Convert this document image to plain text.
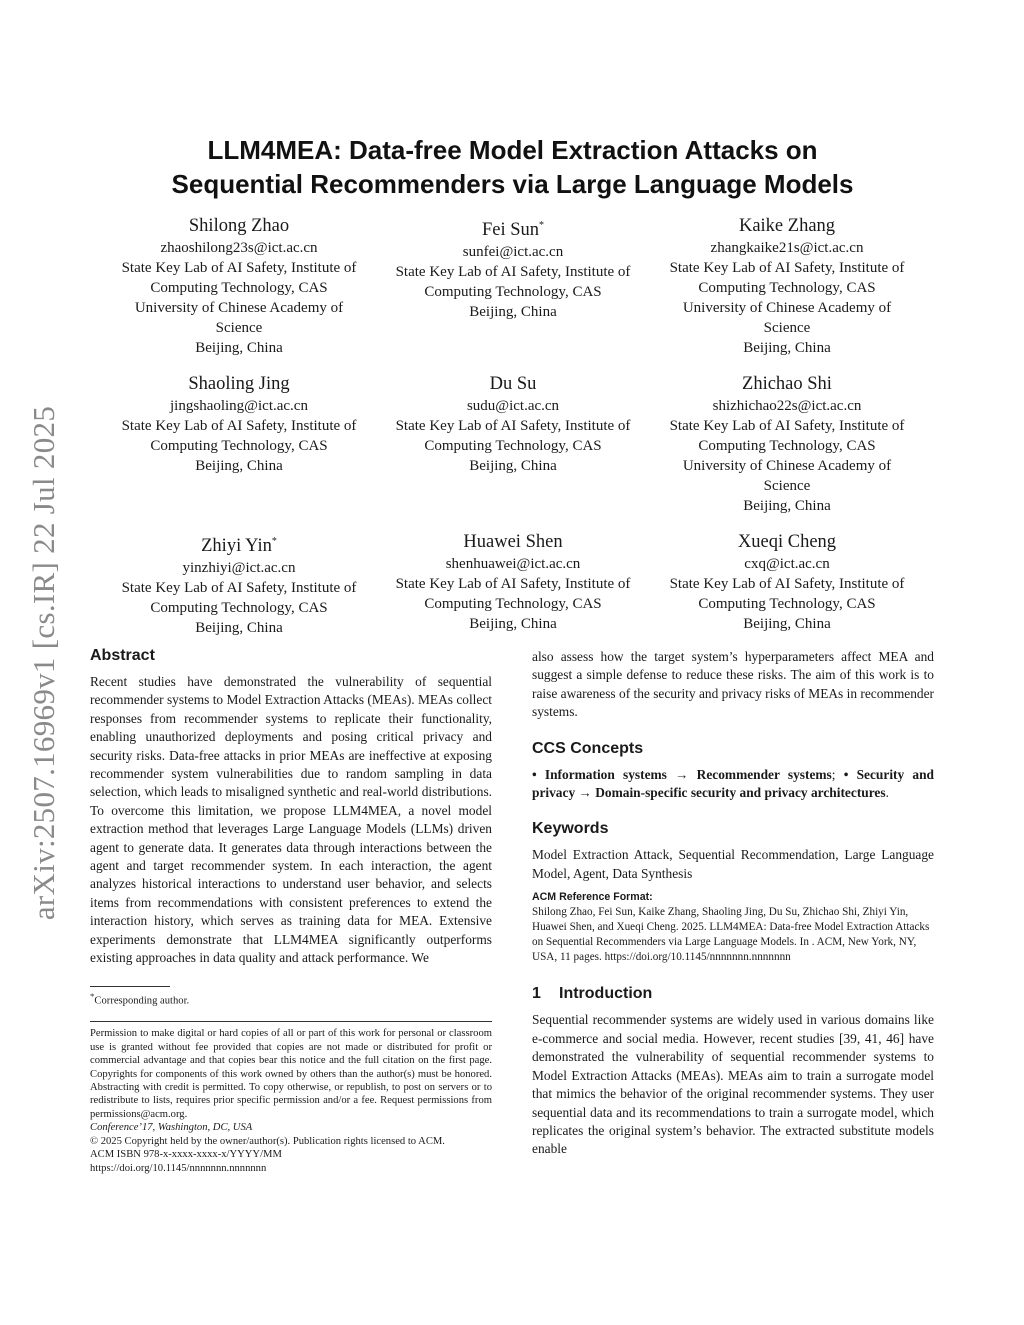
arXiv:2507.16969v1 [cs.IR] 22 Jul 2025
LLM4MEA: Data-free Model Extraction Attacks on
Sequential Recommenders via Large Language Models
Shilong Zhao
zhaoshilong23s@ict.ac.cn
State Key Lab of AI Safety, Institute of
Computing Technology, CAS
University of Chinese Academy of
Science
Beijing, China
Fei Sun*
sunfei@ict.ac.cn
State Key Lab of AI Safety, Institute of
Computing Technology, CAS
Beijing, China
Kaike Zhang
zhangkaike21s@ict.ac.cn
State Key Lab of AI Safety, Institute of
Computing Technology, CAS
University of Chinese Academy of
Science
Beijing, China
Shaoling Jing
jingshaoling@ict.ac.cn
State Key Lab of AI Safety, Institute of
Computing Technology, CAS
Beijing, China
Du Su
sudu@ict.ac.cn
State Key Lab of AI Safety, Institute of
Computing Technology, CAS
Beijing, China
Zhichao Shi
shizhichao22s@ict.ac.cn
State Key Lab of AI Safety, Institute of
Computing Technology, CAS
University of Chinese Academy of
Science
Beijing, China
Zhiyi Yin*
yinzhiyi@ict.ac.cn
State Key Lab of AI Safety, Institute of
Computing Technology, CAS
Beijing, China
Huawei Shen
shenhuawei@ict.ac.cn
State Key Lab of AI Safety, Institute of
Computing Technology, CAS
Beijing, China
Xueqi Cheng
cxq@ict.ac.cn
State Key Lab of AI Safety, Institute of
Computing Technology, CAS
Beijing, China
Abstract

Recent studies have demonstrated the vulnerability of sequential recommender systems to Model Extraction Attacks (MEAs). MEAs collect responses from recommender systems to replicate their functionality, enabling unauthorized deployments and posing critical privacy and security risks. Data-free attacks in prior MEAs are ineffective at exposing recommender system vulnerabilities due to random sampling in data selection, which leads to misaligned synthetic and real-world distributions. To overcome this limitation, we propose LLM4MEA, a novel model extraction method that leverages Large Language Models (LLMs) driven agent to generate data. It generates data through interactions between the agent and target recommender system. In each interaction, the agent analyzes historical interactions to understand user behavior, and selects items from recommendations with consistent preferences to extend the interaction history, which serves as training data for MEA. Extensive experiments demonstrate that LLM4MEA significantly outperforms existing approaches in data quality and attack performance. We

*Corresponding author.

Permission to make digital or hard copies of all or part of this work for personal or classroom use is granted without fee provided that copies are not made or distributed for profit or commercial advantage and that copies bear this notice and the full citation on the first page. Copyrights for components of this work owned by others than the author(s) must be honored. Abstracting with credit is permitted. To copy otherwise, or republish, to post on servers or to redistribute to lists, requires prior specific permission and/or a fee. Request permissions from permissions@acm.org.

Conference’17, Washington, DC, USA

© 2025 Copyright held by the owner/author(s). Publication rights licensed to ACM.

ACM ISBN 978-x-xxxx-xxxx-x/YYYY/MM

https://doi.org/10.1145/nnnnnnn.nnnnnnn

also assess how the target system’s hyperparameters affect MEA and suggest a simple defense to reduce these risks. The aim of this work is to raise awareness of the security and privacy risks of MEAs in recommender systems.

CCS Concepts

• Information systems → Recommender systems; • Security and privacy → Domain-specific security and privacy architectures.

Keywords

Model Extraction Attack, Sequential Recommendation, Large Language Model, Agent, Data Synthesis

ACM Reference Format:

Shilong Zhao, Fei Sun, Kaike Zhang, Shaoling Jing, Du Su, Zhichao Shi, Zhiyi Yin, Huawei Shen, and Xueqi Cheng. 2025. LLM4MEA: Data-free Model Extraction Attacks on Sequential Recommenders via Large Language Models. In . ACM, New York, NY, USA, 11 pages. https://doi.org/10.1145/nnnnnnn.nnnnnnn

1 Introduction

Sequential recommender systems are widely used in various domains like e-commerce and social media. However, recent studies [39, 41, 46] have demonstrated the vulnerability of sequential recommender systems to Model Extraction Attacks (MEAs). MEAs aim to train a surrogate model that mimics the behavior of the original recommender systems. They user sequential data and its recommendations to train a surrogate model, which replicates the original system’s behavior. The extracted substitute models enable
